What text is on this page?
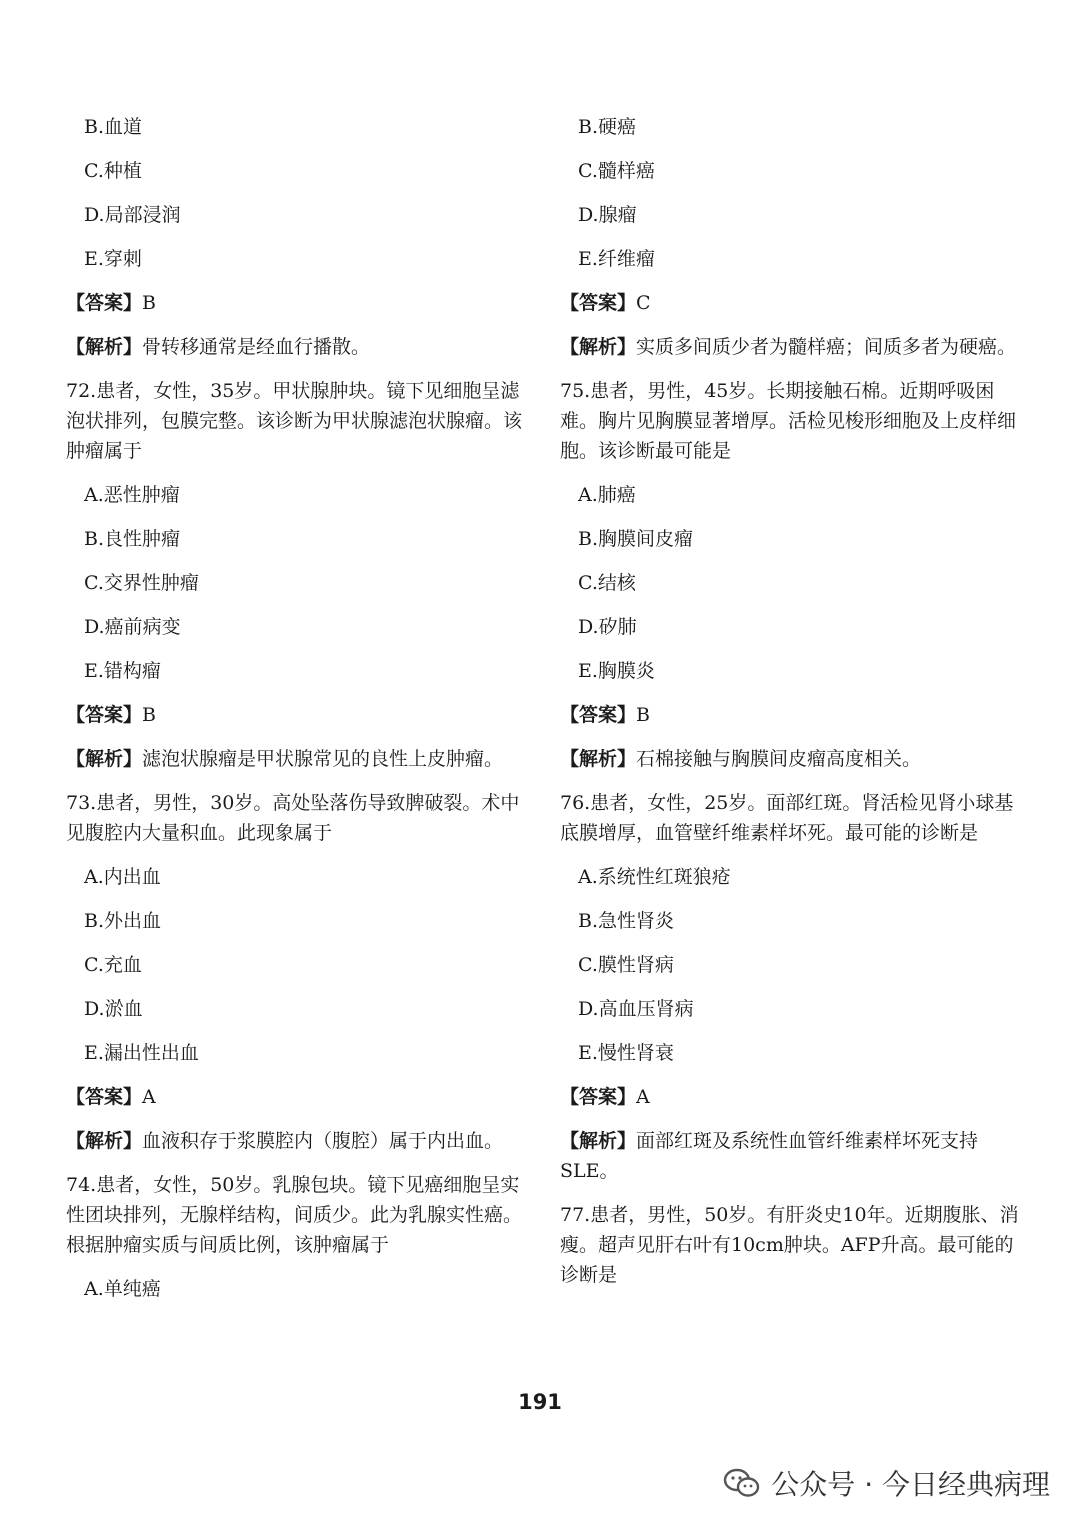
B.血道
C.种植
D.局部浸润
E.穿刺
【答案】B
【解析】骨转移通常是经血行播散。
72.患者，女性，35岁。甲状腺肿块。镜下见细胞呈滤泡状排列，包膜完整。该诊断为甲状腺滤泡状腺瘤。该肿瘤属于
A.恶性肿瘤
B.良性肿瘤
C.交界性肿瘤
D.癌前病变
E.错构瘤
【答案】B
【解析】滤泡状腺瘤是甲状腺常见的良性上皮肿瘤。
73.患者，男性，30岁。高处坠落伤导致脾破裂。术中见腹腔内大量积血。此现象属于
A.内出血
B.外出血
C.充血
D.淤血
E.漏出性出血
【答案】A
【解析】血液积存于浆膜腔内（腹腔）属于内出血。
74.患者，女性，50岁。乳腺包块。镜下见癌细胞呈实性团块排列，无腺样结构，间质少。此为乳腺实性癌。根据肿瘤实质与间质比例，该肿瘤属于
A.单纯癌
B.硬癌
C.髓样癌
D.腺瘤
E.纤维瘤
【答案】C
【解析】实质多间质少者为髓样癌；间质多者为硬癌。
75.患者，男性，45岁。长期接触石棉。近期呼吸困难。胸片见胸膜显著增厚。活检见梭形细胞及上皮样细胞。该诊断最可能是
A.肺癌
B.胸膜间皮瘤
C.结核
D.矽肺
E.胸膜炎
【答案】B
【解析】石棉接触与胸膜间皮瘤高度相关。
76.患者，女性，25岁。面部红斑。肾活检见肾小球基底膜增厚，血管壁纤维素样坏死。最可能的诊断是
A.系统性红斑狼疮
B.急性肾炎
C.膜性肾病
D.高血压肾病
E.慢性肾衰
【答案】A
【解析】面部红斑及系统性血管纤维素样坏死支持SLE。
77.患者，男性，50岁。有肝炎史10年。近期腹胀、消瘦。超声见肝右叶有10cm肿块。AFP升高。最可能的诊断是
191
公众号 · 今日经典病理
